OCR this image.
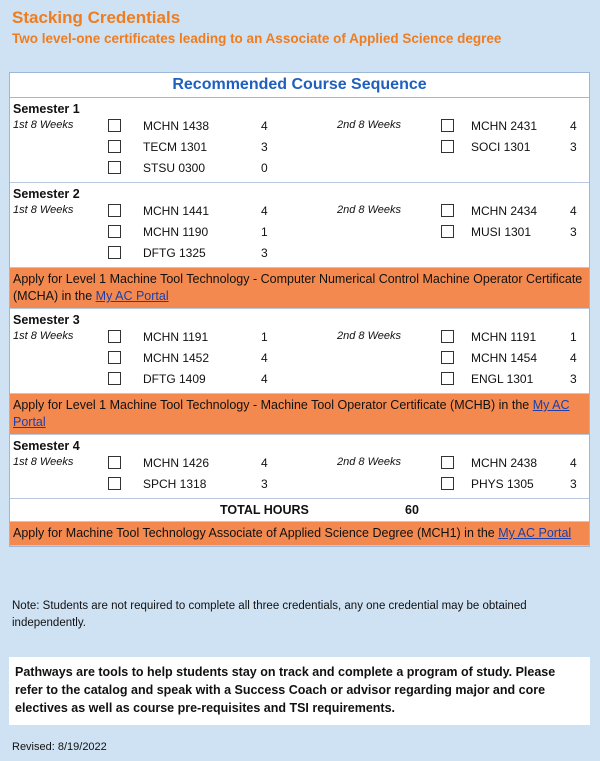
Stacking Credentials
Two level-one certificates leading to an Associate of Applied Science degree
Recommended Course Sequence
Semester 1
1st 8 Weeks	MCHN 1438	4	2nd 8 Weeks	MCHN 2431	4
TECM 1301	3	SOCI 1301	3
STSU 0300	0
Semester 2
1st 8 Weeks	MCHN 1441	4	2nd 8 Weeks	MCHN 2434	4
MCHN 1190	1	MUSI 1301	3
DFTG 1325	3
Apply for Level 1 Machine Tool Technology - Computer Numerical Control Machine Operator Certificate (MCHA) in the My AC Portal
Semester 3
1st 8 Weeks	MCHN 1191	1	2nd 8 Weeks	MCHN 1191	1
MCHN 1452	4	MCHN 1454	4
DFTG 1409	4	ENGL 1301	3
Apply for Level 1 Machine Tool Technology - Machine Tool Operator Certificate (MCHB) in the My AC Portal
Semester 4
1st 8 Weeks	MCHN 1426	4	2nd 8 Weeks	MCHN 2438	4
SPCH 1318	3	PHYS 1305	3
TOTAL HOURS	60
Apply for Machine Tool Technology Associate of Applied Science Degree (MCH1) in the My AC Portal
Note: Students are not required to complete all three credentials, any one credential may be obtained independently.
Pathways are tools to help students stay on track and complete a program of study. Please refer to the catalog and speak with a Success Coach or advisor regarding major and core electives as well as course pre-requisites and TSI requirements.
Revised: 8/19/2022
